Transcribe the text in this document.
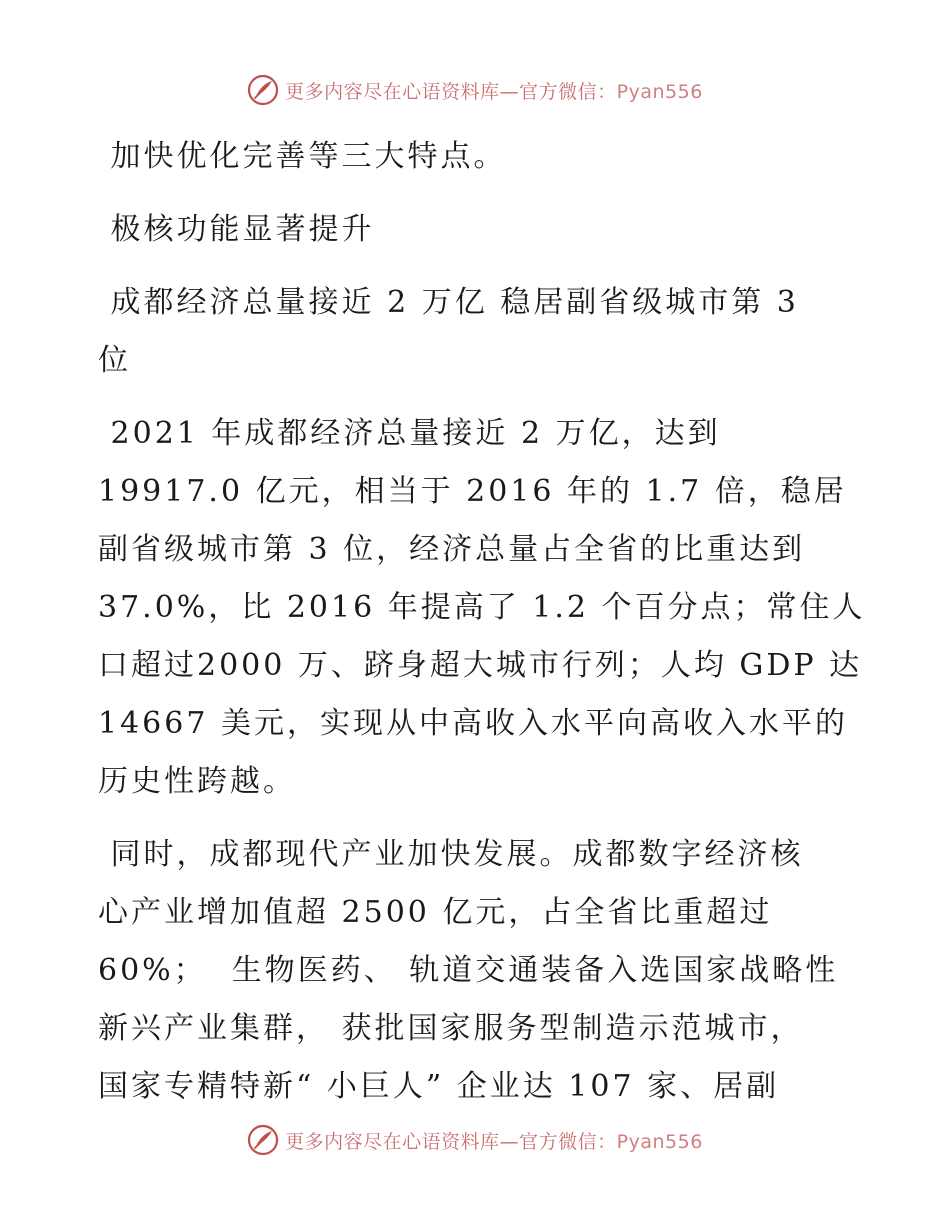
更多内容尽在心语资料库—官方微信：Pyan556
加快优化完善等三大特点。
极核功能显著提升
成都经济总量接近 2 万亿 稳居副省级城市第 3
位
2021 年成都经济总量接近 2 万亿，达到
19917.0 亿元，相当于 2016 年的 1.7 倍，稳居
副省级城市第 3 位，经济总量占全省的比重达到
37.0%，比 2016 年提高了 1.2 个百分点；常住人
口超过2000 万、跻身超大城市行列；人均 GDP 达
14667 美元，实现从中高收入水平向高收入水平的
历史性跨越。
同时，成都现代产业加快发展。成都数字经济核
心产业增加值超 2500 亿元，占全省比重超过
60%；  生物医药、 轨道交通装备入选国家战略性
新兴产业集群， 获批国家服务型制造示范城市，
国家专精特新“ 小巨人” 企业达 107 家、居副
更多内容尽在心语资料库—官方微信：Pyan556
